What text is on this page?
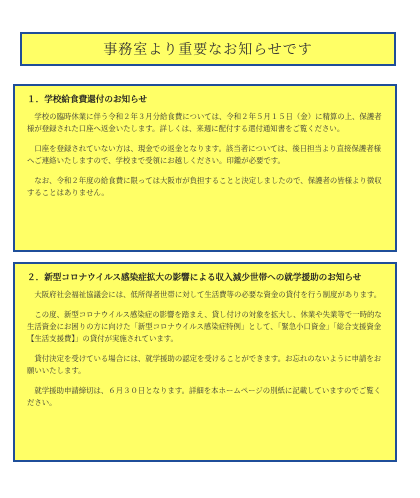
事務室より重要なお知らせです
１．学校給食費還付のお知らせ

学校の臨時休業に伴う令和２年３月分給食費については、令和２年５月１５日（金）に精算の上、保護者様が登録された口座へ返金いたします。詳しくは、来週に配付する還付通知書をご覧ください。

口座を登録されていない方は、現金での返金となります。該当者については、後日担当より直接保護者様へご連絡いたしますので、学校まで受領にお越しください。印鑑が必要です。

なお、令和２年度の給食費に限っては大阪市が負担することと決定しましたので、保護者の皆様より徴収することはありません。

２．新型コロナウイルス感染症拡大の影響による収入減少世帯への就学援助のお知らせ

大阪府社会福祉協議会には、低所得者世帯に対して生活費等の必要な資金の貸付を行う制度があります。

この度、新型コロナウイルス感染症の影響を踏まえ、貸し付けの対象を拡大し、休業や失業等で一時的な生活資金にお困りの方に向けた「新型コロナウイルス感染症特例」として、「緊急小口資金」「総合支援資金【生活支援費】」の貸付が実施されています。

貸付決定を受けている場合には、就学援助の認定を受けることができます。お忘れのないように申請をお願いいたします。

就学援助申請締切は、６月３０日となります。詳細を本ホームページの別紙に記載していますのでご覧ください。
